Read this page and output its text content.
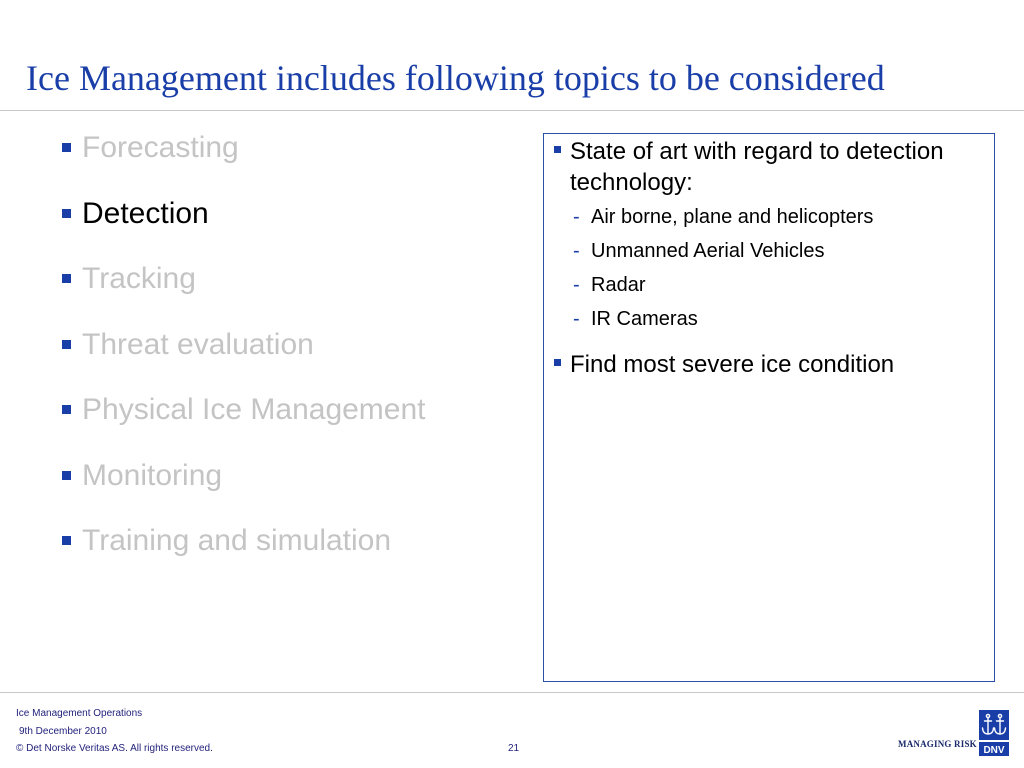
Ice Management includes following topics to be considered
Forecasting
Detection
Tracking
Threat evaluation
Physical Ice Management
Monitoring
Training and simulation
State of art with regard to detection technology:
- Air borne, plane and helicopters
- Unmanned Aerial Vehicles
- Radar
- IR Cameras
Find most severe ice condition
Ice Management Operations
9th December 2010
© Det Norske Veritas AS. All rights reserved.	21	MANAGING RISK
DNV
